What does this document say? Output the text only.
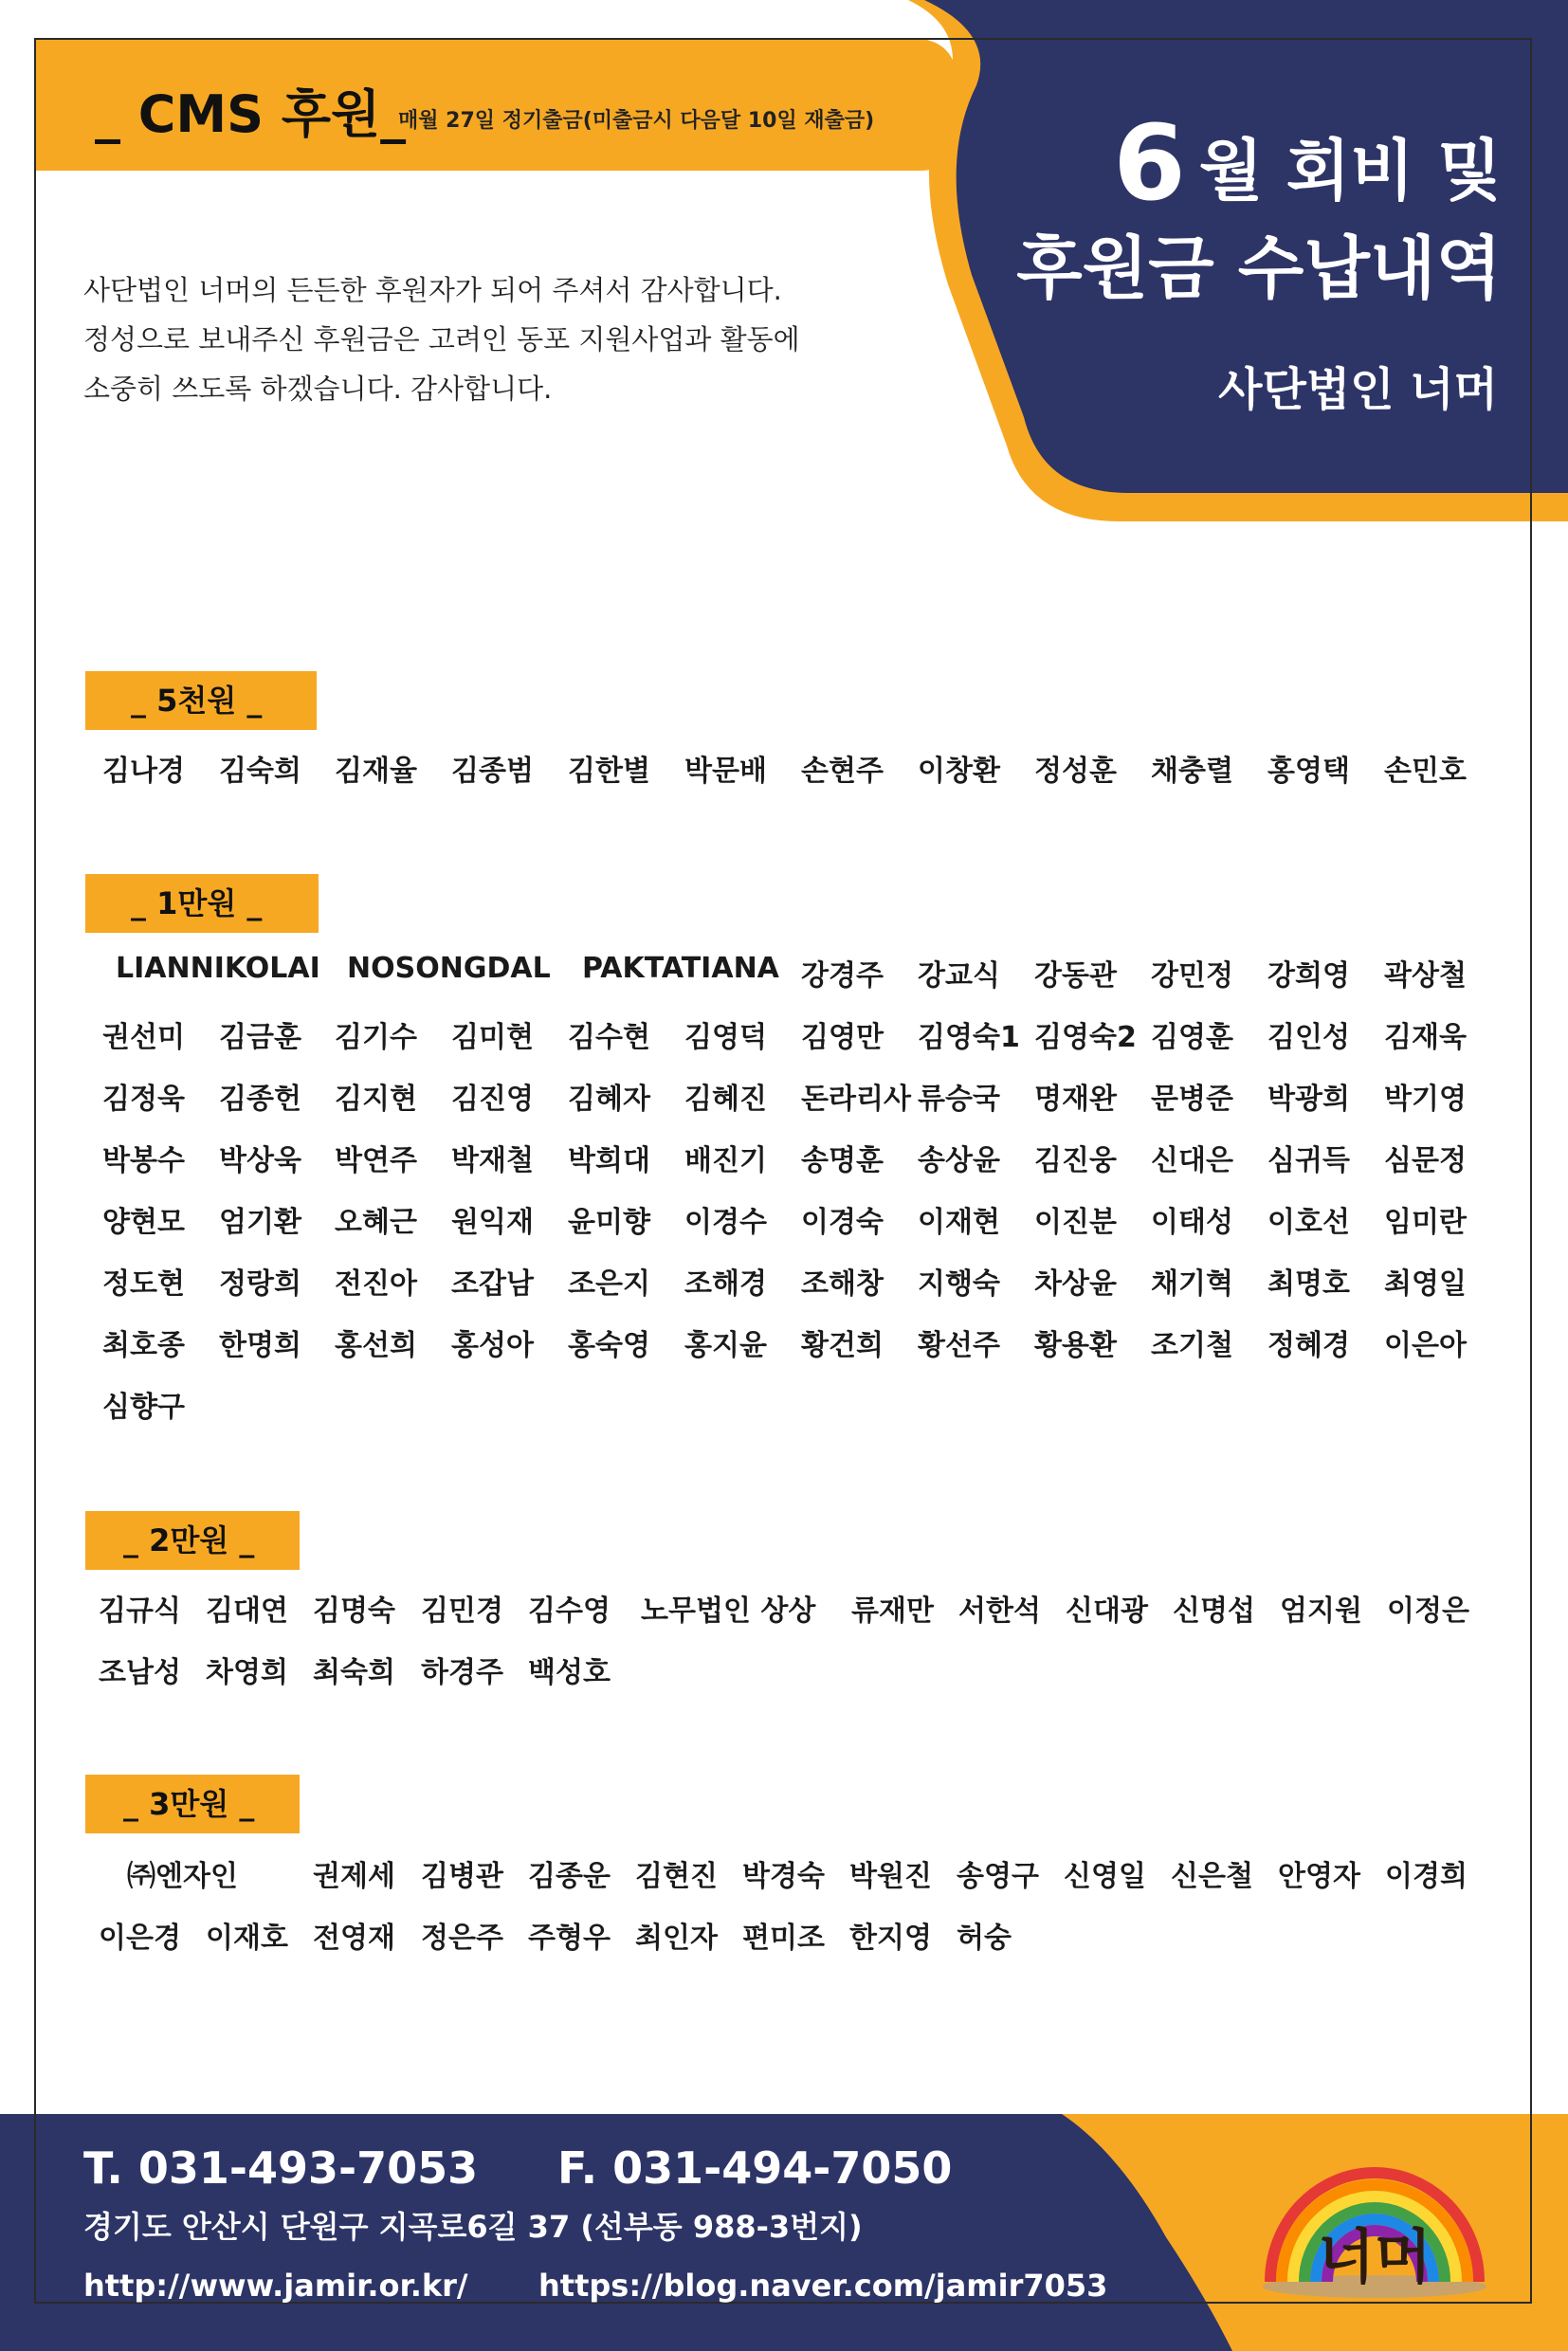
_ CMS 후원_
매월 27일 정기출금(미출금시 다음달 10일 재출금) 6 월 회비 및
후원금 수납내역
사단법인 너머
사단법인 너머의 든든한 후원자가 되어 주셔서 감사합니다.
정성으로 보내주신 후원금은 고려인 동포 지원사업과 활동에
소중히 쓰도록 하겠습니다. 감사합니다.
_ 5천원 _
김나경 김숙희 김재율 김종범 김한별 박문배 손현주 이창환 정성훈 채충렬 홍영택 손민호
_ 1만원 _
LIANNIKOLAI NOSONGDAL PAKTATIANA 강경주 강교식 강동관 강민정 강희영 곽상철
권선미 김금훈 김기수 김미현 김수현 김영덕 김영만 김영숙1 김영숙2 김영훈 김인성 김재욱
김정욱 김종헌 김지현 김진영 김혜자 김혜진 돈라리사 류승국 명재완 문병준 박광희 박기영
박봉수 박상욱 박연주 박재철 박희대 배진기 송명훈 송상윤 김진웅 신대은 심귀득 심문정
양현모 엄기환 오혜근 원익재 윤미향 이경수 이경숙 이재현 이진분 이태성 이호선 임미란
정도현 정랑희 전진아 조갑남 조은지 조해경 조해창 지행숙 차상윤 채기혁 최명호 최영일
최호종 한명희 홍선희 홍성아 홍숙영 홍지윤 황건희 황선주 황용환 조기철 정혜경 이은아
심향구
_ 2만원 _
김규식 김대연 김명숙 김민경 김수영 노무법인 상상 류재만 서한석 신대광 신명섭 엄지원 이정은
조남성 차영희 최숙희 하경주 백성호
_ 3만원 _
㈜엔자인	권제세 김병관 김종운 김현진 박경숙 박원진 송영구 신영일 신은철 안영자 이경희
이은경 이재호 전영재 정은주 주형우 최인자 편미조 한지영 허숭
T. 031-493-7053 F. 031-494-7050
경기도 안산시 단원구 지곡로6길 37 (선부동 988-3번지)
http://www.jamir.or.kr/ https://blog.naver.com/jamir7053	너머
